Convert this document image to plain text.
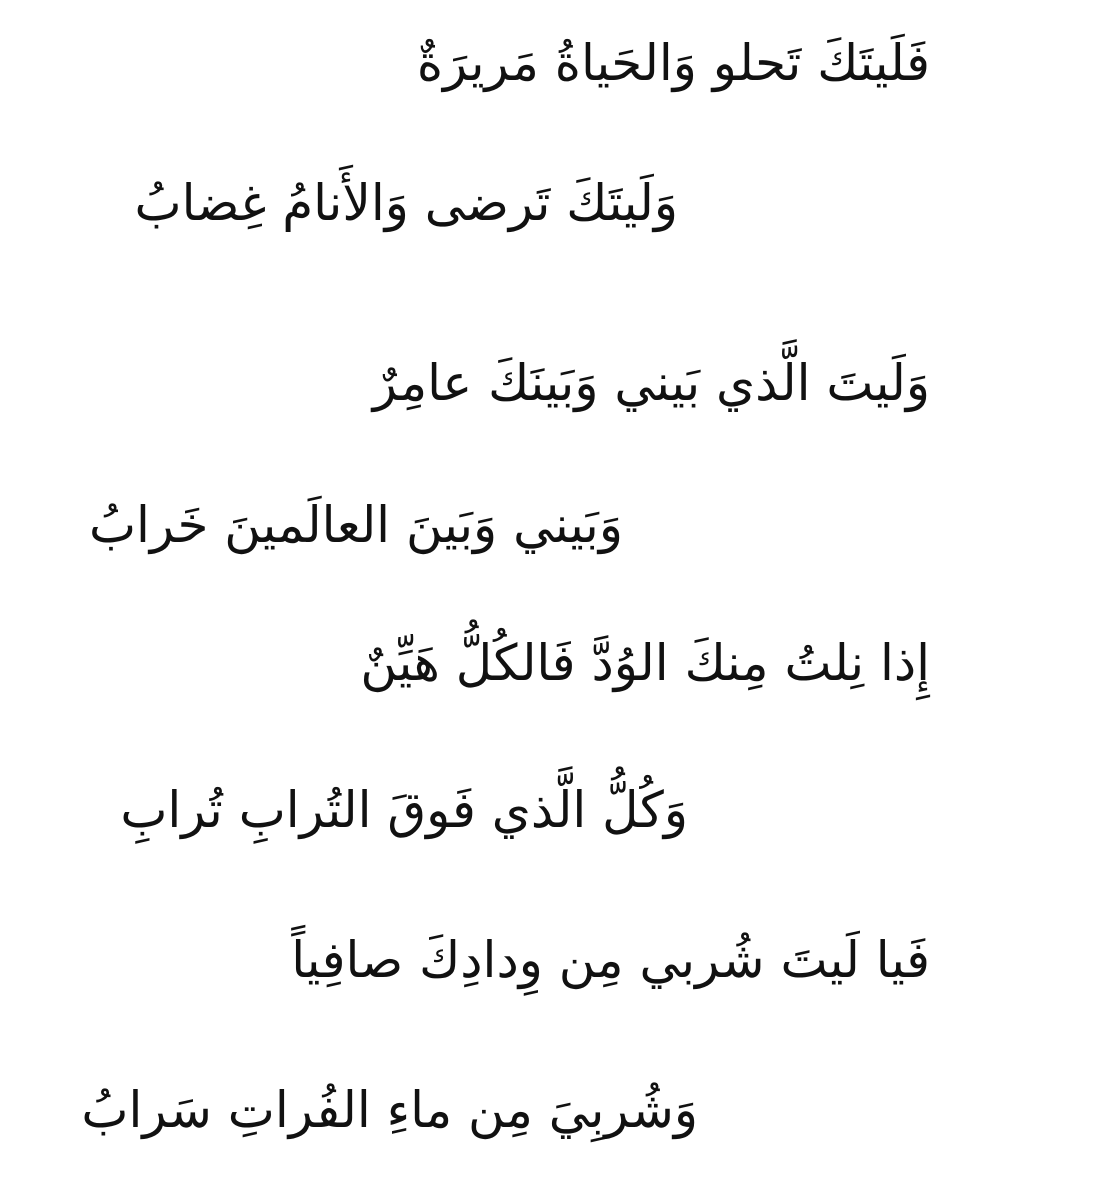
فَلَيتَكَ تَحلو وَالحَياةُ مَريرَةٌ
وَلَيتَكَ تَرضى وَالأَنامُ غِضابُ
وَلَيتَ الَّذي بَيني وَبَينَكَ عامِرٌ
وَبَيني وَبَينَ العالَمينَ خَرابُ
إِذا نِلتُ مِنكَ الوُدَّ فَالكُلُّ هَيِّنٌ
وَكُلُّ الَّذي فَوقَ التُرابِ تُرابِ
فَيا لَيتَ شُربي مِن وِدادِكَ صافِياً
وَشُربِيَ مِن ماءِ الفُراتِ سَرابُ
